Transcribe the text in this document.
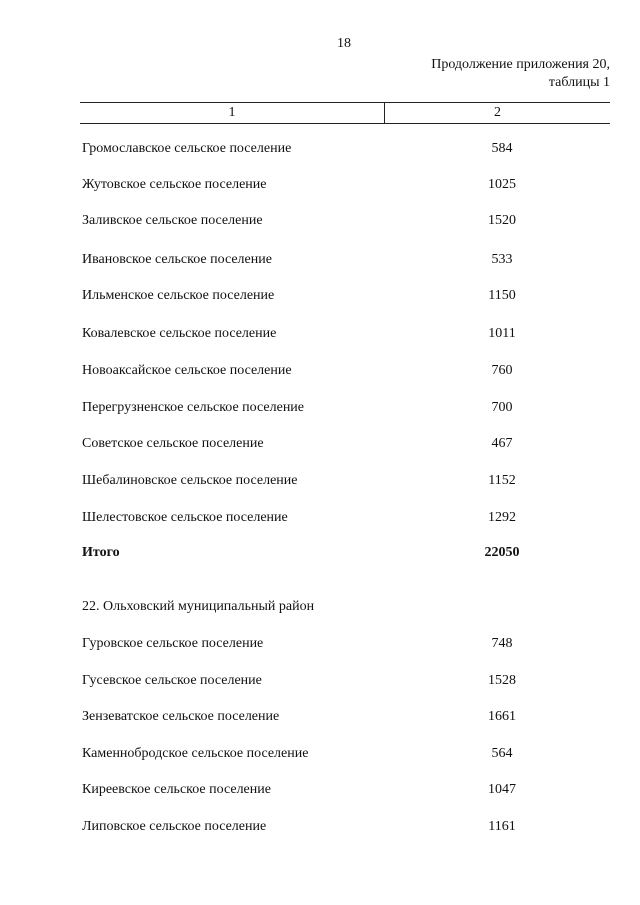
18
Продолжение приложения 20,
таблицы 1
1	2
Громославское сельское поселение	584
Жутовское сельское поселение	1025
Заливское сельское поселение	1520
Ивановское сельское поселение	533
Ильменское сельское поселение	1150
Ковалевское сельское поселение	1011
Новоаксайское сельское поселение	760
Перегрузненское сельское поселение	700
Советское сельское поселение	467
Шебалиновское сельское поселение	1152
Шелестовское сельское поселение	1292
Итого	22050
22. Ольховский муниципальный район
Гуровское сельское поселение	748
Гусевское сельское поселение	1528
Зензеватское сельское поселение	1661
Каменнобродское сельское поселение	564
Киреевское сельское поселение	1047
Липовское сельское поселение	1161
